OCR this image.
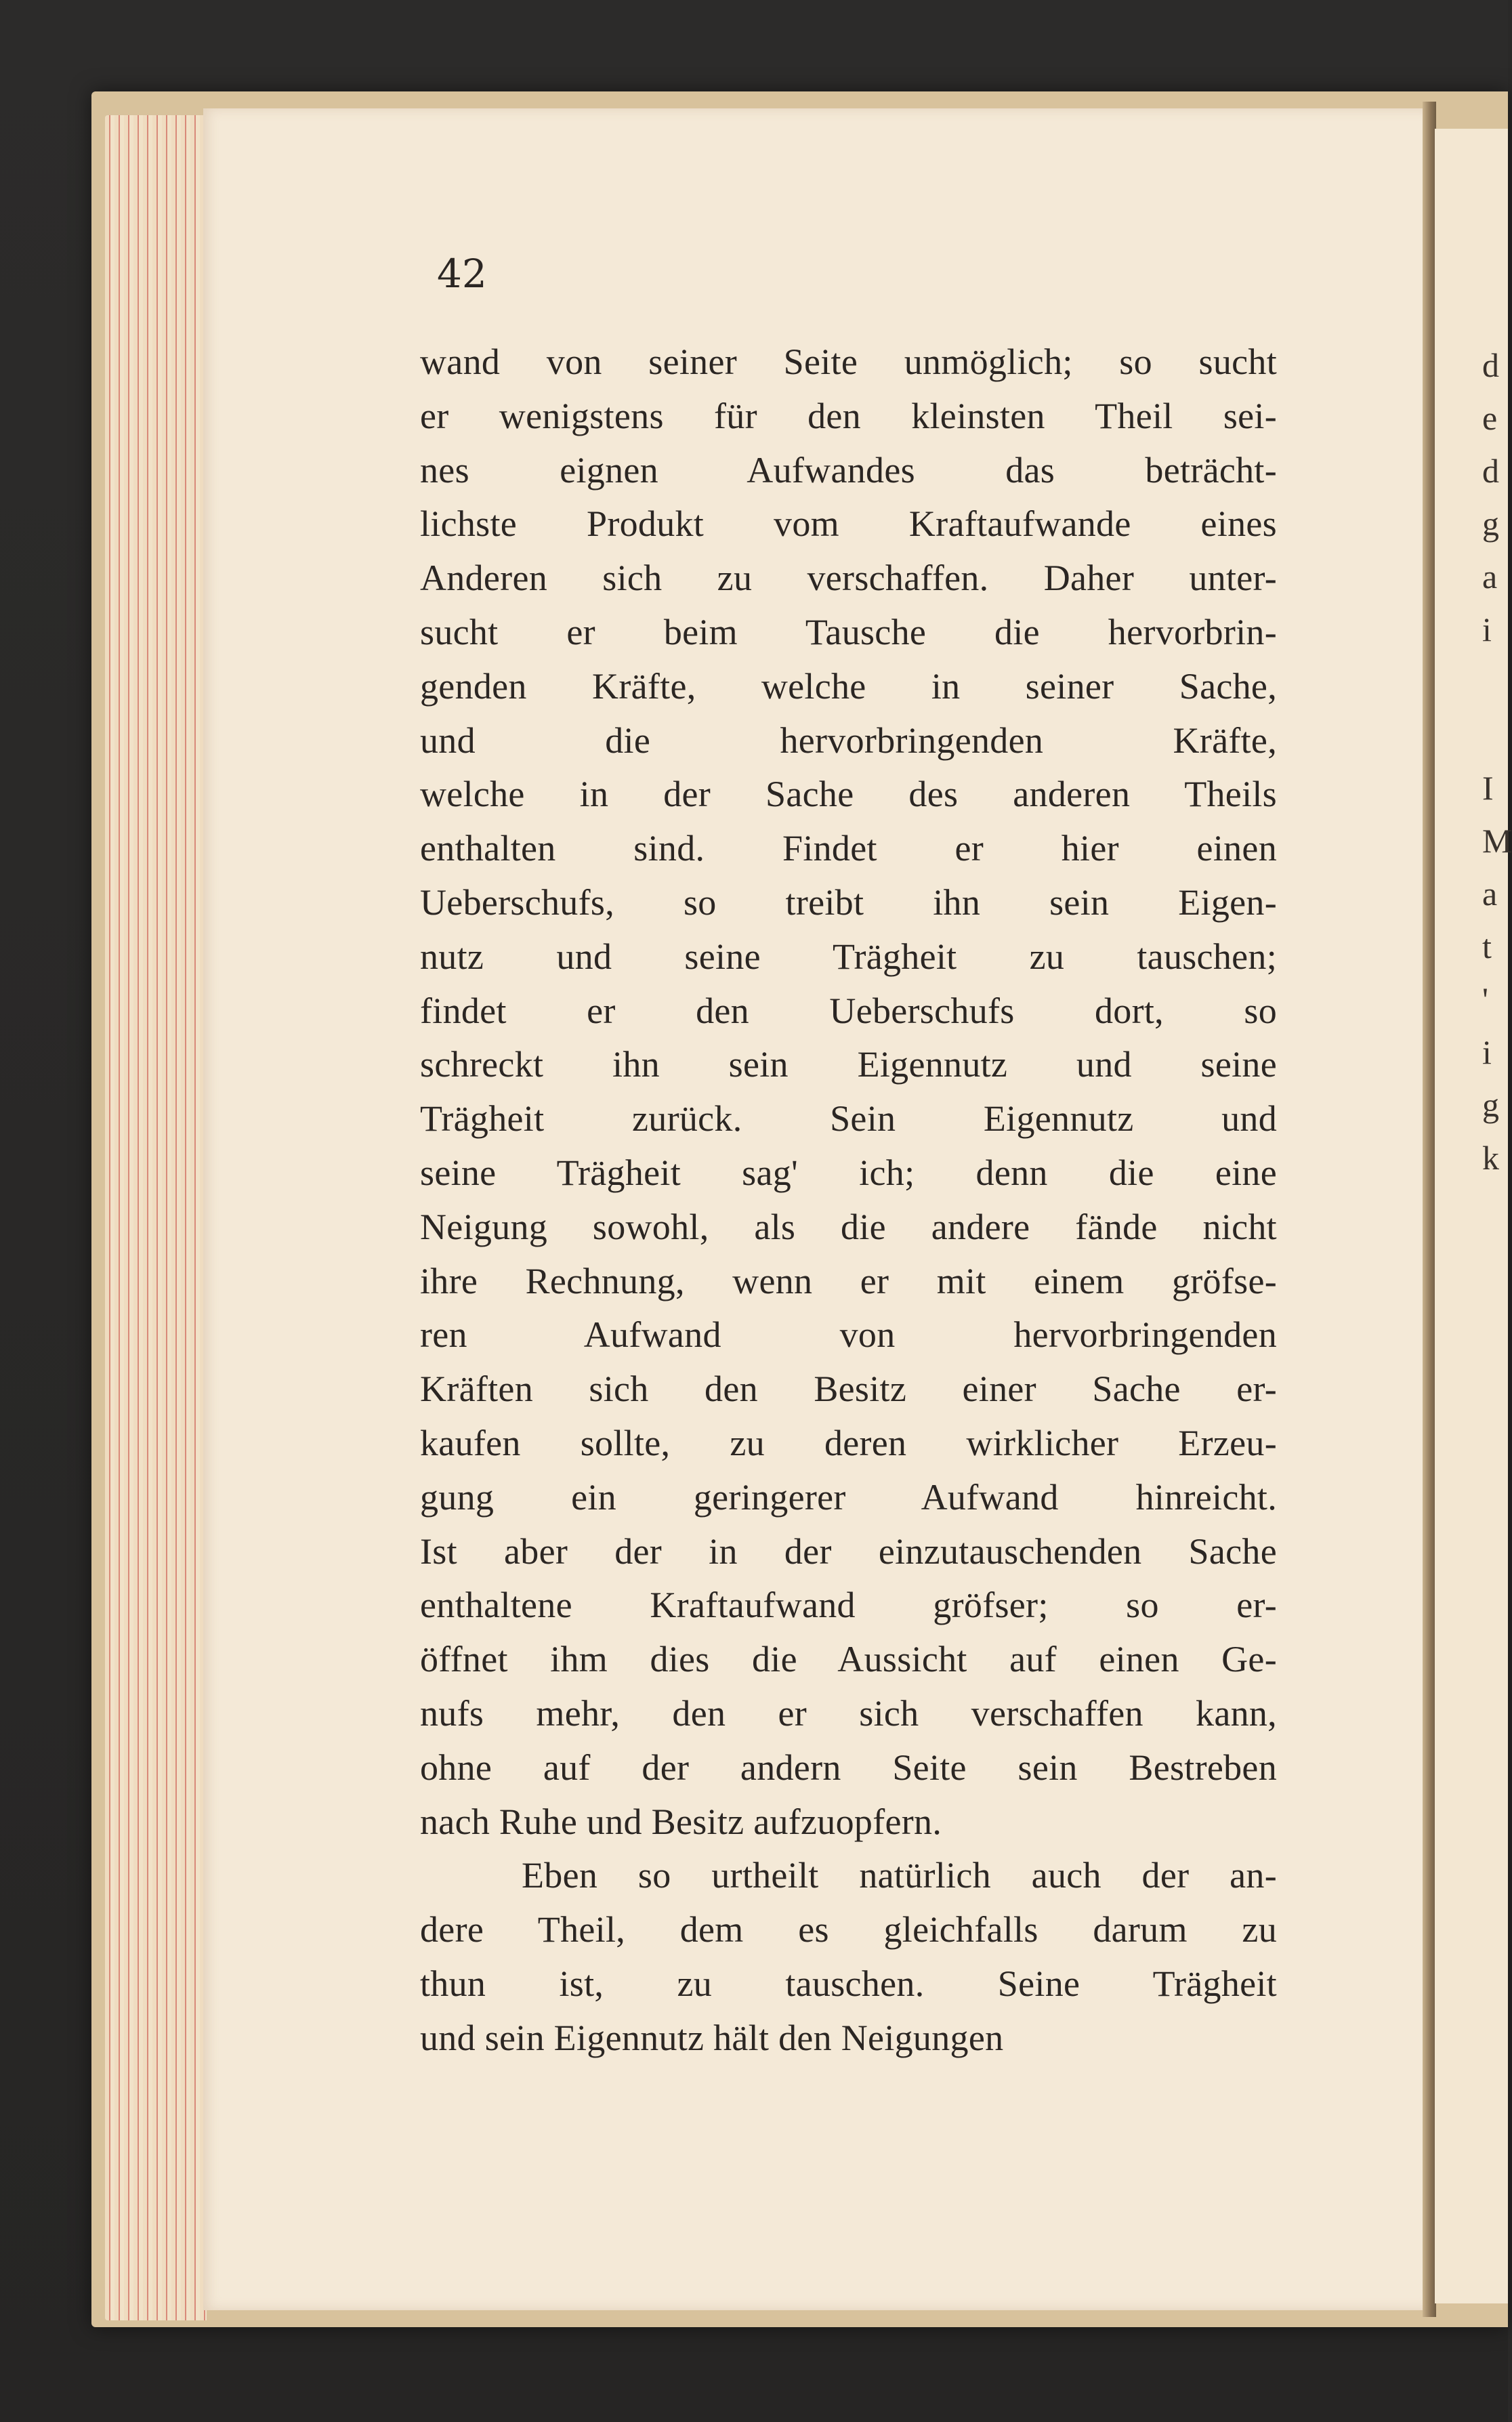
42
wand von seiner Seite unmöglich; so sucht
er wenigstens für den kleinsten Theil sei-
nes eignen Aufwandes das beträcht-
lichste Produkt vom Kraftaufwande eines
Anderen sich zu verschaffen. Daher unter-
sucht er beim Tausche die hervorbrin-
genden Kräfte, welche in seiner Sache,
und die hervorbringenden Kräfte,
welche in der Sache des anderen Theils
enthalten sind. Findet er hier einen
Ueberschufs, so treibt ihn sein Eigen-
nutz und seine Trägheit zu tauschen;
findet er den Ueberschufs dort, so
schreckt ihn sein Eigennutz und seine
Trägheit zurück. Sein Eigennutz und
seine Trägheit sag' ich; denn die eine
Neigung sowohl, als die andere fände nicht
ihre Rechnung, wenn er mit einem gröfse-
ren Aufwand von hervorbringenden
Kräften sich den Besitz einer Sache er-
kaufen sollte, zu deren wirklicher Erzeu-
gung ein geringerer Aufwand hinreicht.
Ist aber der in der einzutauschenden Sache
enthaltene Kraftaufwand gröfser; so er-
öffnet ihm dies die Aussicht auf einen Ge-
nufs mehr, den er sich verschaffen kann,
ohne auf der andern Seite sein Bestreben
nach Ruhe und Besitz aufzuopfern.
Eben so urtheilt natürlich auch der an-
dere Theil, dem es gleichfalls darum zu
thun ist, zu tauschen. Seine Trägheit
und sein Eigennutz hält den Neigungen
d
e
d
g
a
i
I
M
a
t
'
i
g
k
